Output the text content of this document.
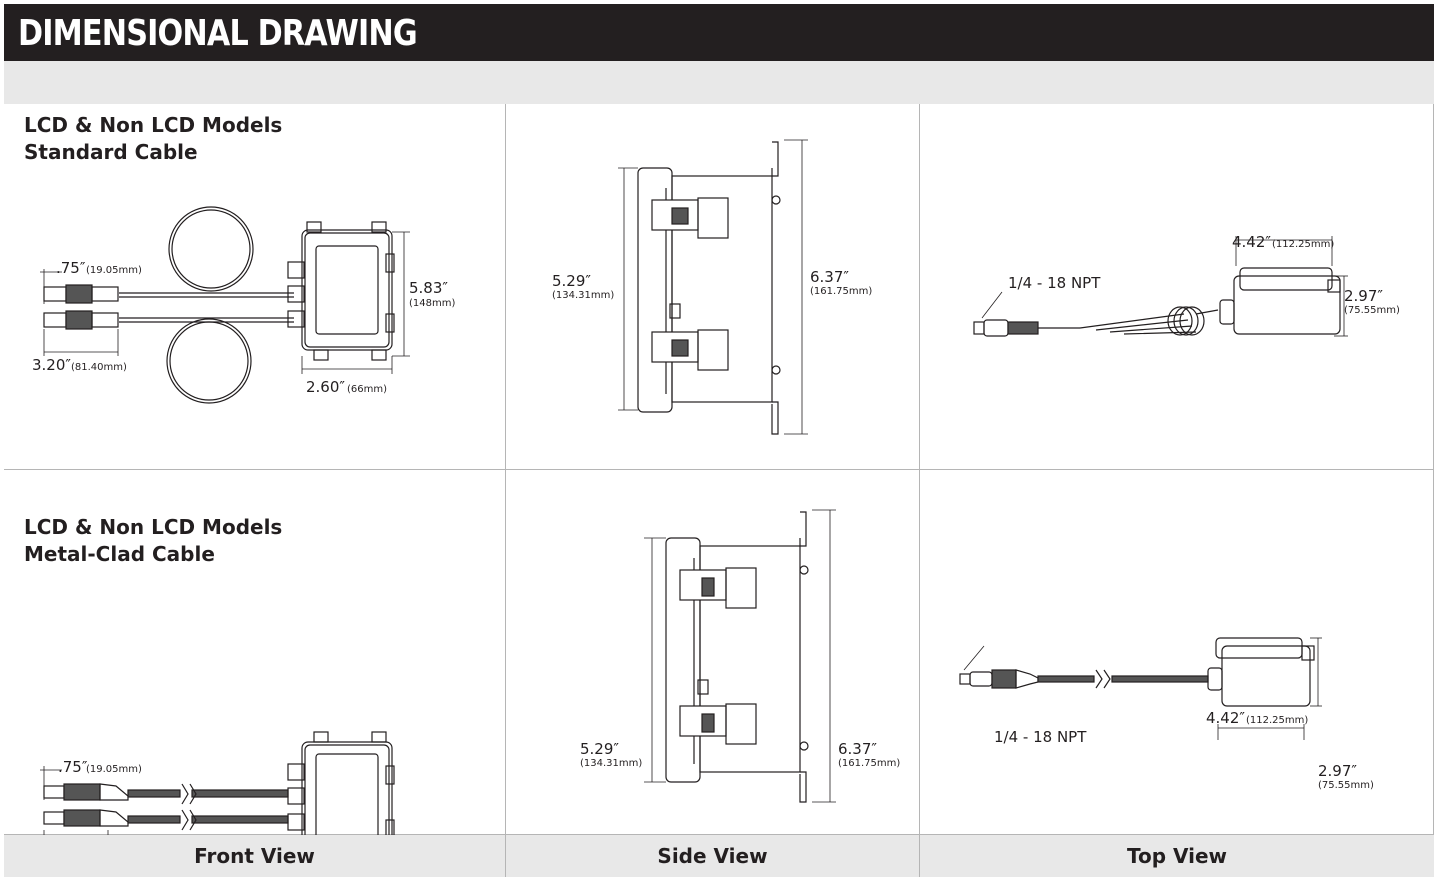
DIMENSIONAL DRAWING
LCD & Non LCD Models
Standard Cable
.75″ (19.05mm)
3.20″ (81.40mm)
5.83″
(148mm)
2.60″ (66mm)
5.29″
(134.31mm)
6.37″
(161.75mm)	1/4 - 18 NPT
4.42″ (112.25mm)
2.97″
(75.55mm)
LCD & Non LCD Models
Metal-Clad Cable
.75″
(19.05mm)
5.29″
(134.31mm)
6.37″
(161.75mm)
1/4 - 18 NPT
4.42″ (112.25mm)
2.97″
(75.55mm)
Front View	Side View	Top View
